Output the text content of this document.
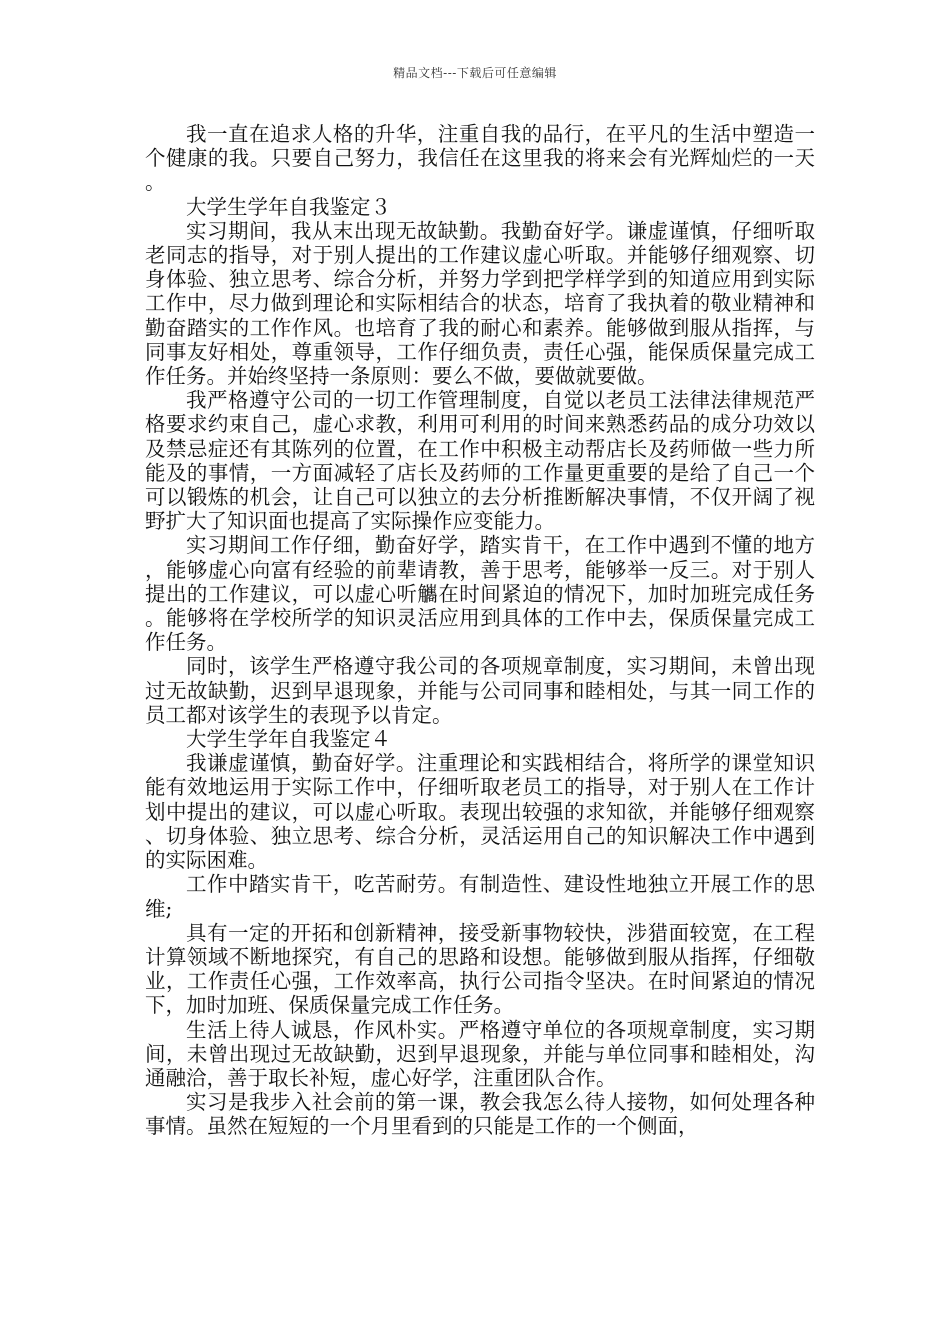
精品文档---下载后可任意编辑

我一直在追求人格的升华，注重自我的品行，在平凡的生活中塑造一个健康的我。只要自己努力，我信任在这里我的将来会有光辉灿烂的一天。

大学生学年自我鉴定３

实习期间，我从末出现无故缺勤。我勤奋好学。谦虚谨慎，仔细听取老同志的指导，对于别人提出的工作建议虚心听取。并能够仔细观察、切身体验、独立思考、综合分析，并努力学到把学样学到的知道应用到实际工作中，尽力做到理论和实际相结合的状态，培育了我执着的敬业精神和勤奋踏实的工作作风。也培育了我的耐心和素养。能够做到服从指挥，与同事友好相处，尊重领导，工作仔细负责，责任心强，能保质保量完成工作任务。并始终坚持一条原则：要么不做，要做就要做。

我严格遵守公司的一切工作管理制度，自觉以老员工法律法律规范严格要求约束自己，虚心求教，利用可利用的时间来熟悉药品的成分功效以及禁忌症还有其陈列的位置，在工作中积极主动帮店长及药师做一些力所能及的事情，一方面减轻了店长及药师的工作量更重要的是给了自己一个可以锻炼的机会，让自己可以独立的去分析推断解决事情，不仅开阔了视野扩大了知识面也提高了实际操作应变能力。

实习期间工作仔细，勤奋好学，踏实肯干，在工作中遇到不懂的地方，能够虚心向富有经验的前辈请教，善于思考，能够举一反三。对于别人提出的工作建议，可以虚心听觿在时间紧迫的情况下，加时加班完成任务。能够将在学校所学的知识灵活应用到具体的工作中去，保质保量完成工作任务。

同时，该学生严格遵守我公司的各项规章制度，实习期间，未曾出现过无故缺勤，迟到早退现象，并能与公司同事和睦相处，与其一同工作的员工都对该学生的表现予以肯定。

大学生学年自我鉴定４

我谦虚谨慎，勤奋好学。注重理论和实践相结合，将所学的课堂知识能有效地运用于实际工作中，仔细听取老员工的指导，对于别人在工作计划中提出的建议，可以虚心听取。表现出较强的求知欲，并能够仔细观察、切身体验、独立思考、综合分析，灵活运用自己的知识解决工作中遇到的实际困难。

工作中踏实肯干，吃苦耐劳。有制造性、建设性地独立开展工作的思维;

具有一定的开拓和创新精神，接受新事物较快，涉猎面较宽，在工程计算领域不断地探究，有自己的思路和设想。能够做到服从指挥，仔细敬业，工作责任心强，工作效率高，执行公司指令坚决。在时间紧迫的情况下，加时加班、保质保量完成工作任务。

生活上待人诚恳，作风朴实。严格遵守单位的各项规章制度，实习期间，未曾出现过无故缺勤，迟到早退现象，并能与单位同事和睦相处，沟通融洽，善于取长补短，虚心好学，注重团队合作。

实习是我步入社会前的第一课，教会我怎么待人接物，如何处理各种事情。虽然在短短的一个月里看到的只能是工作的一个侧面，
